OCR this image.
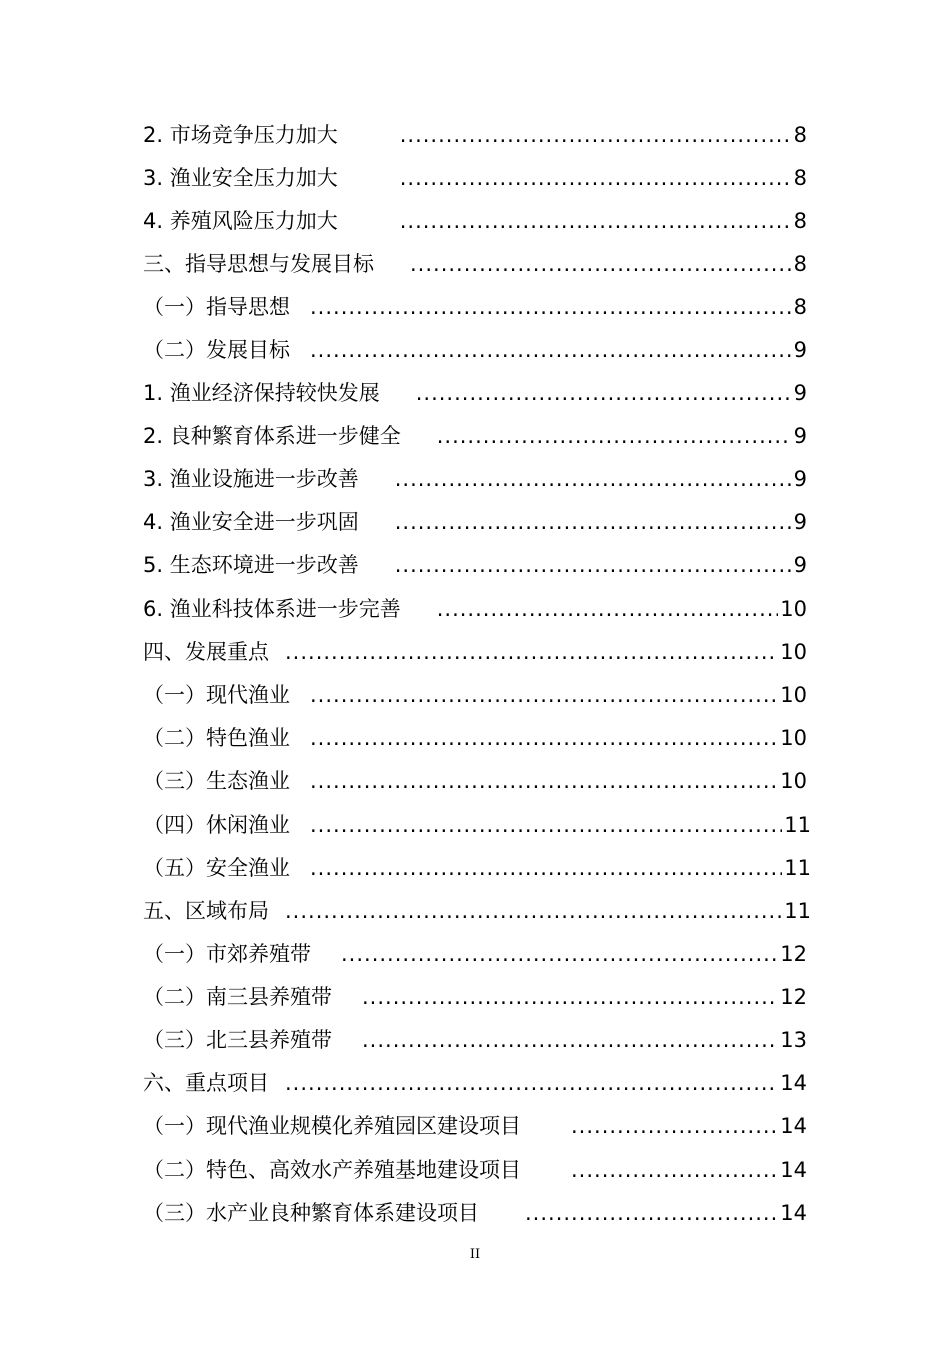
2. 市场竞争压力加大 .....	8
3. 渔业安全压力加大 .....	8
4. 养殖风险压力加大 .....	8
三、指导思想与发展目标 .....	8
（一）指导思想 .....	8
（二）发展目标 .....	9
1. 渔业经济保持较快发展 .....	9
2. 良种繁育体系进一步健全 .....	9
3. 渔业设施进一步改善 .....	9
4. 渔业安全进一步巩固 .....	9
5. 生态环境进一步改善 .....	9
6. 渔业科技体系进一步完善 .....	10
四、发展重点 .....	10
（一）现代渔业 .....	10
（二）特色渔业 .....	10
（三）生态渔业 .....	10
（四）休闲渔业 .....	11
（五）安全渔业 .....	11
五、区域布局 .....	11
（一）市郊养殖带 .....	12
（二）南三县养殖带 .....	12
（三）北三县养殖带 .....	13
六、重点项目 .....	14
（一）现代渔业规模化养殖园区建设项目 .....	14
（二）特色、高效水产养殖基地建设项目 .....	14
（三）水产业良种繁育体系建设项目 .....	14
II
